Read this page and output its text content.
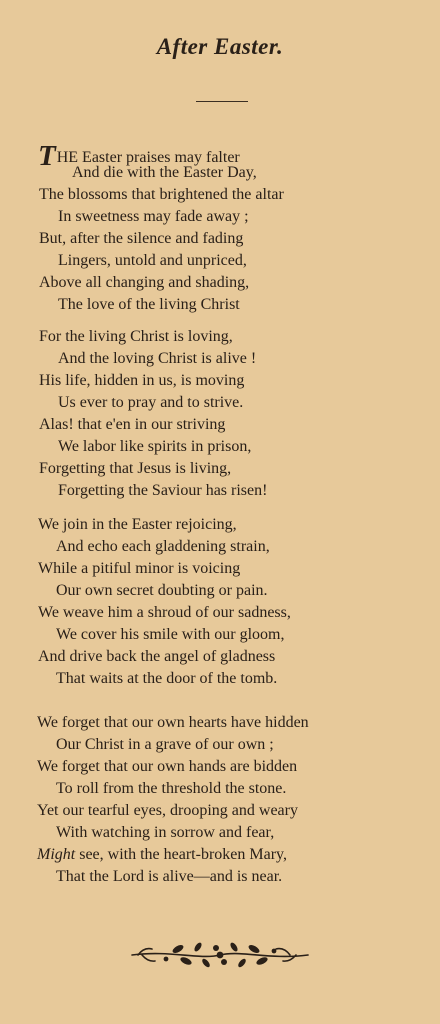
After Easter.
THE Easter praises may falter
And die with the Easter Day,
The blossoms that brightened the altar
In sweetness may fade away ;
But, after the silence and fading
Lingers, untold and unpriced,
Above all changing and shading,
The love of the living Christ
For the living Christ is loving,
And the loving Christ is alive !
His life, hidden in us, is moving
Us ever to pray and to strive.
Alas! that e'en in our striving
We labor like spirits in prison,
Forgetting that Jesus is living,
Forgetting the Saviour has risen!
We join in the Easter rejoicing,
And echo each gladdening strain,
While a pitiful minor is voicing
Our own secret doubting or pain.
We weave him a shroud of our sadness,
We cover his smile with our gloom,
And drive back the angel of gladness
That waits at the door of the tomb.
We forget that our own hearts have hidden
Our Christ in a grave of our own ;
We forget that our own hands are bidden
To roll from the threshold the stone.
Yet our tearful eyes, drooping and weary
With watching in sorrow and fear,
Might see, with the heart-broken Mary,
That the Lord is alive—and is near.
